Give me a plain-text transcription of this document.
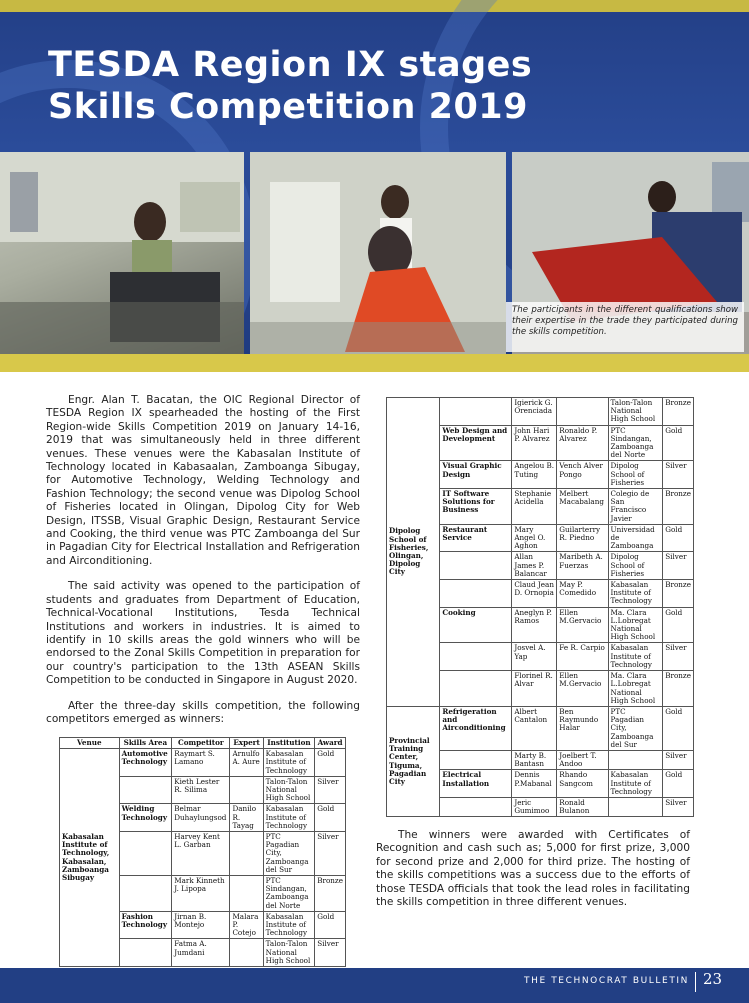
TESDA Region IX stages
Skills Competition 2019
The participants in the different qualifications show their expertise in the trade they participated during the skills competition.

Engr. Alan T. Bacatan, the OIC Regional Director of TESDA Region IX spearheaded the hosting of the First Region-wide Skills Competition 2019 on January 14-16, 2019 that was simultaneously held in three different venues. These venues were the Kabasalan Institute of Technology located in Kabasaalan, Zamboanga Sibugay, for Automotive Technology, Welding Technology and Fashion Technology; the second venue was Dipolog School of Fisheries located in Olingan, Dipolog City for Web Design, ITSSB, Visual Graphic Design, Restaurant Service and Cooking, the third venue was PTC Zamboanga del Sur in Pagadian City for Electrical Installation and Refrigeration and Airconditioning.

The said activity was opened to the participation of students and graduates from Department of Education, Technical-Vocational Institutions, Tesda Technical Institutions and workers in industries. It is aimed to identify in 10 skills areas the gold winners who will be endorsed to the Zonal Skills Competition in preparation for our country's participation to the 13th ASEAN Skills Competition to be conducted in Singapore in August 2020.

After the three-day skills competition, the following competitors emerged as winners:

Venue	Skills Area	Competitor	Expert	Institution	Award
Kabasalan Institute of Technology, Kabasalan, Zamboanga Sibugay	Automotive Technology	Raymart S. Lamano	Arnulfo A. Aure	Kabasalan Institute of Technology	Gold
		Kieth Lester R. Silima		Talon-Talon National High School	Silver
	Welding Technology	Belmar Duhaylungsod	Danilo R. Tayag	Kabasalan Institute of Technology	Gold
		Harvey Kent L. Garban		PTC Pagadian City, Zamboanga del Sur	Silver
		Mark Kinneth J. Lipopa		PTC Sindangan, Zamboanga del Norte	Bronze
	Fashion Technology	Jirnan B. Montejo	Malara P. Cotejo	Kabasalan Institute of Technology	Gold
		Fatma A. Jumdani		Talon-Talon National High School	Silver
Dipolog School of Fisheries, Olingan, Dipolog City		Igierick G. Orenciada		Talon-Talon National High School	Bronze
	Web Design and Development	John Hari P. Alvarez	Ronaldo P. Alvarez	PTC Sindangan, Zamboanga del Norte	Gold
	Visual Graphic Design	Angelou B. Tuting	Vench Alver Pongo	Dipolog School of Fisheries	Silver
	IT Software Solutions for Business	Stephanie Acidella	Melbert Macabalang	Colegio de San Francisco Javier	Bronze
	Restaurant Service	Mary Angel O. Aghon	Guilarterry R. Piedno	Universidad de Zamboanga	Gold
		Allan James P. Balancar	Maribeth A. Fuerzas	Dipolog School of Fisheries	Silver
		Claud Jean D. Ornopia	May P. Comedido	Kabasalan Institute of Technology	Bronze
	Cooking	Aneglyn P. Ramos	Ellen M.Gervacio	Ma. Clara L.Lobregat National High School	Gold
		Josvel A. Yap	Fe R. Carpio	Kabasalan Institute of Technology	Silver
		Florinel R. Alvar	Ellen M.Gervacio	Ma. Clara L.Lobregat National High School	Bronze
Provincial Training Center, Tiguma, Pagadian City	Refrigeration and Airconditioning	Albert Cantalon	Ben Raymundo Halar	PTC Pagadian City, Zamboanga del Sur	Gold
		Marty B. Bantasn	Joelbert T. Andoo		Silver
	Electrical Installation	Dennis P.Mabanal	Rhando Sangcom	Kabasalan Institute of Technology	Gold
		Jeric Gumimoo	Ronald Bulanon		Silver

The winners were awarded with Certificates of Recognition and cash such as; 5,000 for first prize, 3,000 for second prize and 2,000 for third prize. The hosting of the skills competitions was a success due to the efforts of those TESDA officials that took the lead roles in facilitating the skills competition in three different venues.

THE TECHNOCRAT BULLETIN 23
